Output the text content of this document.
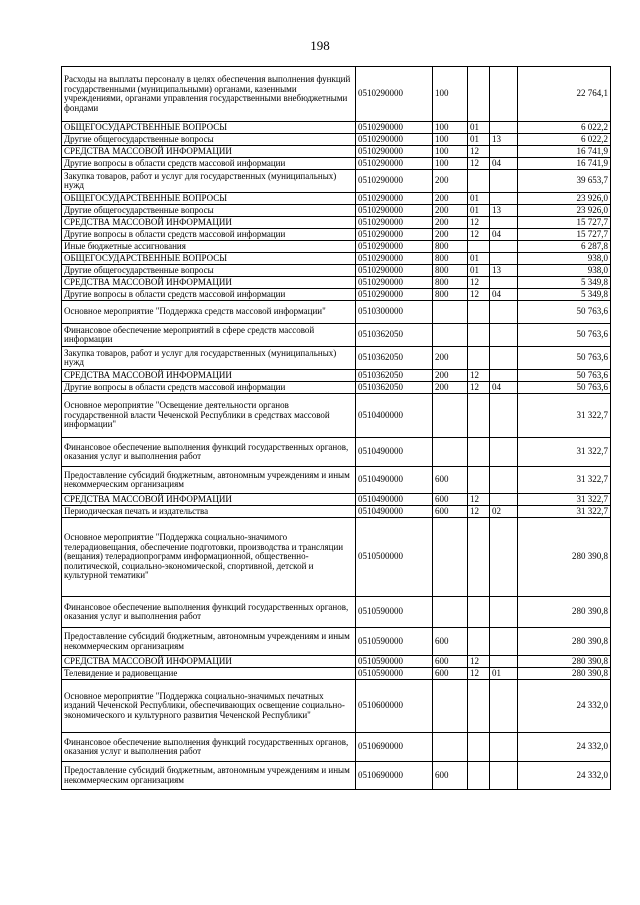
198
Расходы на выплаты персоналу в целях обеспечения выполнения функций государственными (муниципальными) органами, казенными учреждениями, органами управления государственными внебюджетными фондами	0510290000	100			22 764,1
ОБЩЕГОСУДАРСТВЕННЫЕ ВОПРОСЫ	0510290000	100	01		6 022,2
Другие общегосударственные вопросы	0510290000	100	01	13	6 022,2
СРЕДСТВА МАССОВОЙ ИНФОРМАЦИИ	0510290000	100	12		16 741,9
Другие вопросы в области средств массовой информации	0510290000	100	12	04	16 741,9
Закупка товаров, работ и услуг для государственных (муниципальных) нужд	0510290000	200			39 653,7
ОБЩЕГОСУДАРСТВЕННЫЕ ВОПРОСЫ	0510290000	200	01		23 926,0
Другие общегосударственные вопросы	0510290000	200	01	13	23 926,0
СРЕДСТВА МАССОВОЙ ИНФОРМАЦИИ	0510290000	200	12		15 727,7
Другие вопросы в области средств массовой информации	0510290000	200	12	04	15 727,7
Иные бюджетные ассигнования	0510290000	800			6 287,8
ОБЩЕГОСУДАРСТВЕННЫЕ ВОПРОСЫ	0510290000	800	01		938,0
Другие общегосударственные вопросы	0510290000	800	01	13	938,0
СРЕДСТВА МАССОВОЙ ИНФОРМАЦИИ	0510290000	800	12		5 349,8
Другие вопросы в области средств массовой информации	0510290000	800	12	04	5 349,8
Основное мероприятие "Поддержка средств массовой информации"	0510300000				50 763,6
Финансовое обеспечение мероприятий в сфере средств массовой информации	0510362050				50 763,6
Закупка товаров, работ и услуг для государственных (муниципальных) нужд	0510362050	200			50 763,6
СРЕДСТВА МАССОВОЙ ИНФОРМАЦИИ	0510362050	200	12		50 763,6
Другие вопросы в области средств массовой информации	0510362050	200	12	04	50 763,6
Основное мероприятие "Освещение деятельности органов государственной власти Чеченской Республики в средствах массовой информации"	0510400000				31 322,7
Финансовое обеспечение выполнения функций государственных органов, оказания услуг и выполнения работ	0510490000				31 322,7
Предоставление субсидий бюджетным, автономным учреждениям и иным некоммерческим организациям	0510490000	600			31 322,7
СРЕДСТВА МАССОВОЙ ИНФОРМАЦИИ	0510490000	600	12		31 322,7
Периодическая печать и издательства	0510490000	600	12	02	31 322,7
Основное мероприятие "Поддержка социально-значимого телерадиовещания, обеспечение подготовки, производства и трансляции (вещания) телерадиопрограмм информационной, общественно-политической, социально-экономической, спортивной, детской и культурной тематики"	0510500000				280 390,8
Финансовое обеспечение выполнения функций государственных органов, оказания услуг и выполнения работ	0510590000				280 390,8
Предоставление субсидий бюджетным, автономным учреждениям и иным некоммерческим организациям	0510590000	600			280 390,8
СРЕДСТВА МАССОВОЙ ИНФОРМАЦИИ	0510590000	600	12		280 390,8
Телевидение и радиовещание	0510590000	600	12	01	280 390,8
Основное мероприятие "Поддержка социально-значимых печатных изданий Чеченской Республики, обеспечивающих освещение социально-экономического и культурного развития Чеченской Республики"	0510600000				24 332,0
Финансовое обеспечение выполнения функций государственных органов, оказания услуг и выполнения работ	0510690000				24 332,0
Предоставление субсидий бюджетным, автономным учреждениям и иным некоммерческим организациям	0510690000	600			24 332,0
